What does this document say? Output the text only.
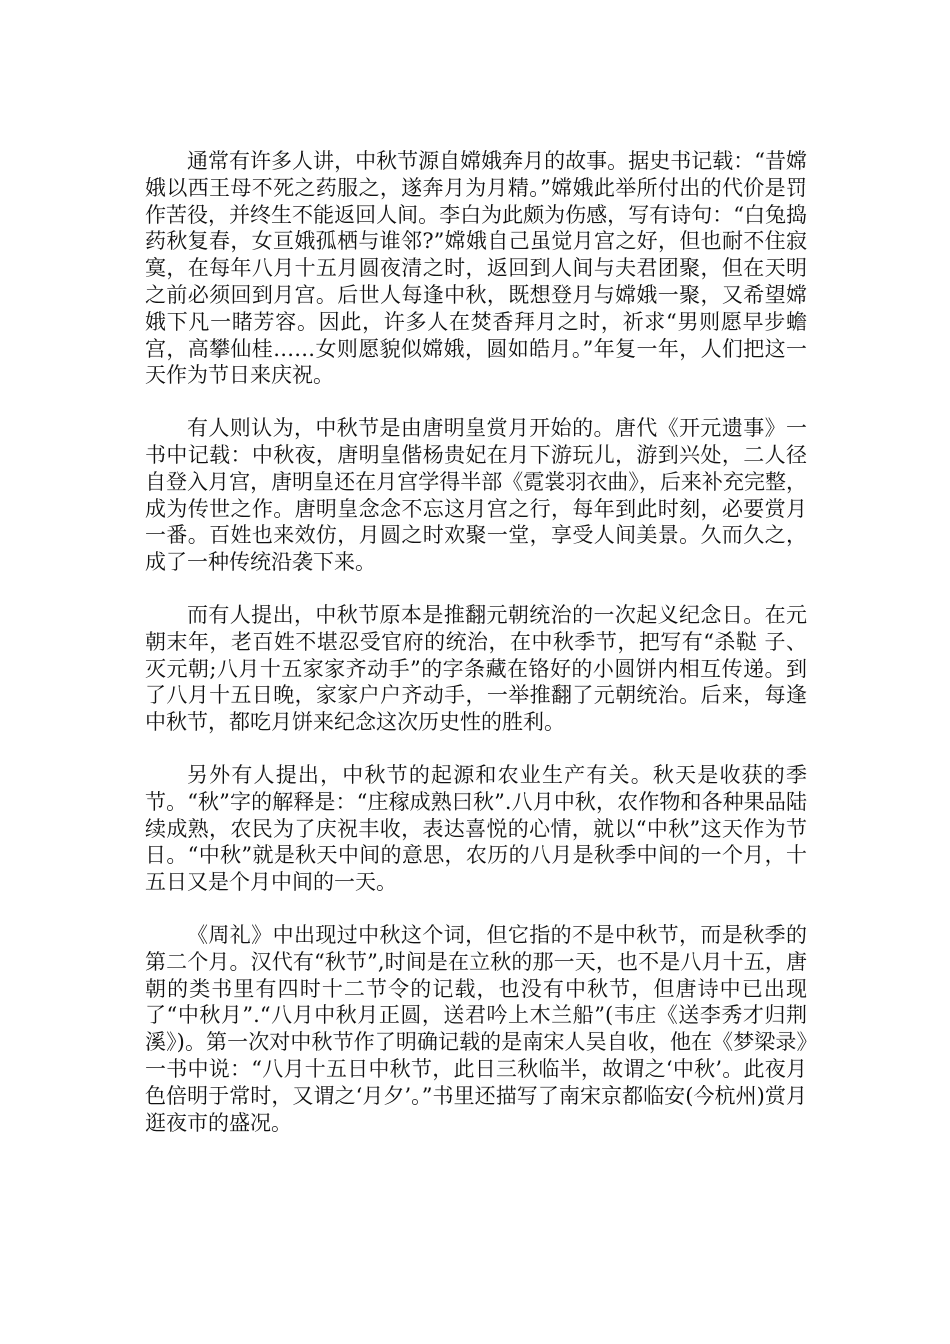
通常有许多人讲，中秋节源自嫦娥奔月的故事。据史书记载：“昔嫦娥以西王母不死之药服之，遂奔月为月精。”嫦娥此举所付出的代价是罚作苦役，并终生不能返回人间。李白为此颇为伤感，写有诗句：“白兔捣药秋复春，女亘娥孤栖与谁邻?”嫦娥自己虽觉月宫之好，但也耐不住寂寞，在每年八月十五月圆夜清之时，返回到人间与夫君团聚，但在天明之前必须回到月宫。后世人每逢中秋，既想登月与嫦娥一聚，又希望嫦娥下凡一睹芳容。因此，许多人在焚香拜月之时，祈求“男则愿早步蟾宫，高攀仙桂……女则愿貌似嫦娥，圆如皓月。”年复一年，人们把这一天作为节日来庆祝。

有人则认为，中秋节是由唐明皇赏月开始的。唐代《开元遗事》一书中记载：中秋夜，唐明皇偕杨贵妃在月下游玩儿，游到兴处，二人径自登入月宫，唐明皇还在月宫学得半部《霓裳羽衣曲》，后来补充完整，成为传世之作。唐明皇念念不忘这月宫之行，每年到此时刻，必要赏月一番。百姓也来效仿，月圆之时欢聚一堂，享受人间美景。久而久之，成了一种传统沿袭下来。

而有人提出，中秋节原本是推翻元朝统治的一次起义纪念日。在元朝末年，老百姓不堪忍受官府的统治，在中秋季节，把写有“杀鞑 子、灭元朝;八月十五家家齐动手”的字条藏在铬好的小圆饼内相互传递。到了八月十五日晚，家家户户齐动手，一举推翻了元朝统治。后来，每逢中秋节，都吃月饼来纪念这次历史性的胜利。

另外有人提出，中秋节的起源和农业生产有关。秋天是收获的季节。“秋”字的解释是：“庄稼成熟曰秋”.八月中秋，农作物和各种果品陆续成熟，农民为了庆祝丰收，表达喜悦的心情，就以“中秋”这天作为节日。“中秋”就是秋天中间的意思，农历的八月是秋季中间的一个月，十五日又是个月中间的一天。

《周礼》中出现过中秋这个词，但它指的不是中秋节，而是秋季的第二个月。汉代有“秋节”,时间是在立秋的那一天，也不是八月十五，唐朝的类书里有四时十二节令的记载，也没有中秋节，但唐诗中已出现了“中秋月”.“八月中秋月正圆，送君吟上木兰船”(韦庄《送李秀才归荆溪》)。第一次对中秋节作了明确记载的是南宋人吴自收，他在《梦梁录》一书中说：“八月十五日中秋节，此日三秋临半，故谓之‘中秋’。此夜月色倍明于常时，又谓之‘月夕’。”书里还描写了南宋京都临安(今杭州)赏月逛夜市的盛况。
